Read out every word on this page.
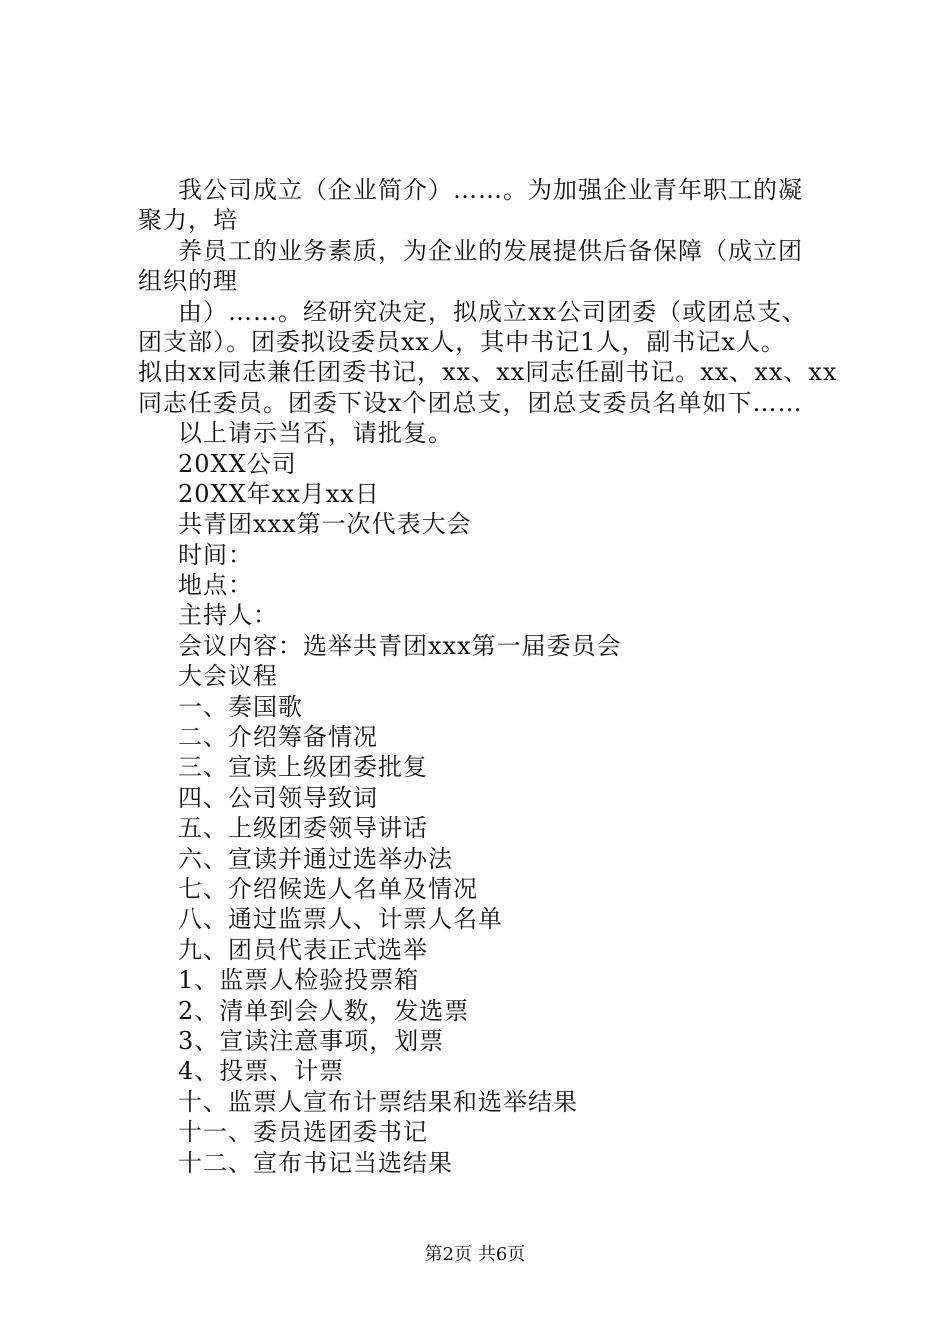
我公司成立（企业简介）……。为加强企业青年职工的凝
聚力，培
养员工的业务素质，为企业的发展提供后备保障（成立团
组织的理
由）……。经研究决定，拟成立xx公司团委（或团总支、
团支部）。团委拟设委员xx人，其中书记1人，副书记x人。
拟由xx同志兼任团委书记，xx、xx同志任副书记。xx、xx、xx
同志任委员。团委下设x个团总支，团总支委员名单如下……
以上请示当否，请批复。
20XX公司
20XX年xx月xx日
共青团xxx第一次代表大会
时间：
地点：
主持人：
会议内容：选举共青团xxx第一届委员会
大会议程
一、奏国歌
二、介绍筹备情况
三、宣读上级团委批复
四、公司领导致词
五、上级团委领导讲话
六、宣读并通过选举办法
七、介绍候选人名单及情况
八、通过监票人、计票人名单
九、团员代表正式选举
1、监票人检验投票箱
2、清单到会人数，发选票
3、宣读注意事项，划票
4、投票、计票
十、监票人宣布计票结果和选举结果
十一、委员选团委书记
十二、宣布书记当选结果
第2页 共6页
